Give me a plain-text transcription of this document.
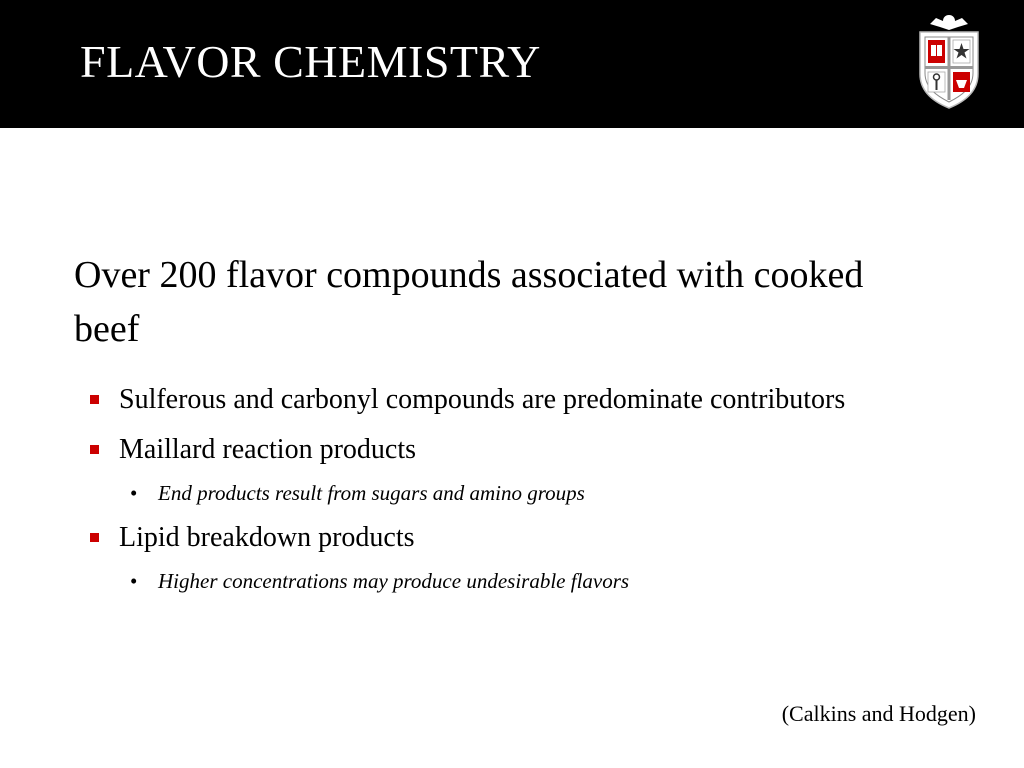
FLAVOR CHEMISTRY
Over 200 flavor compounds associated with cooked beef
Sulferous and carbonyl compounds are predominate contributors
Maillard reaction products
• End products result from sugars and amino groups
Lipid breakdown products
• Higher concentrations may produce undesirable flavors
(Calkins and Hodgen)
